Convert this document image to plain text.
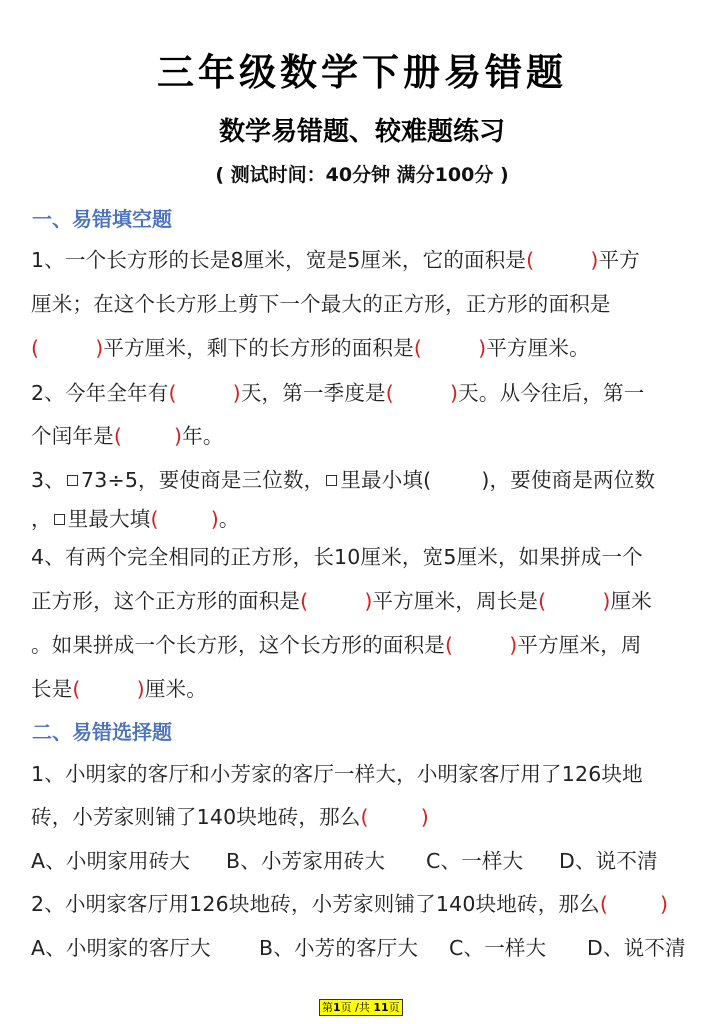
三年级数学下册易错题
数学易错题、较难题练习
( 测试时间：40分钟 满分100分 )
一、易错填空题
1、一个长方形的长是8厘米，宽是5厘米，它的面积是(	)平方
厘米；在这个长方形上剪下一个最大的正方形，正方形的面积是
(	)平方厘米，剩下的长方形的面积是(	)平方厘米。
2、今年全年有(	)天，第一季度是(	)天。从今往后，第一
个闰年是(	)年。
3、 73÷5，要使商是三位数， 里最小填( )，要使商是两位数
， 里最大填(	)。
4、有两个完全相同的正方形，长10厘米，宽5厘米，如果拼成一个
正方形，这个正方形的面积是(	)平方厘米，周长是(	)厘米
。如果拼成一个长方形，这个长方形的面积是(	)平方厘米，周
长是(	)厘米。
二、易错选择题
1、小明家的客厅和小芳家的客厅一样大，小明家客厅用了126块地
砖，小芳家则铺了140块地砖，那么(	)
A、小明家用砖大 B、小芳家用砖大 C、一样大 D、说不清
2、小明家客厅用126块地砖，小芳家则铺了140块地砖，那么(	)
A、小明家的客厅大 B、小芳的客厅大 C、一样大 D、说不清
第1页 /共 11页
